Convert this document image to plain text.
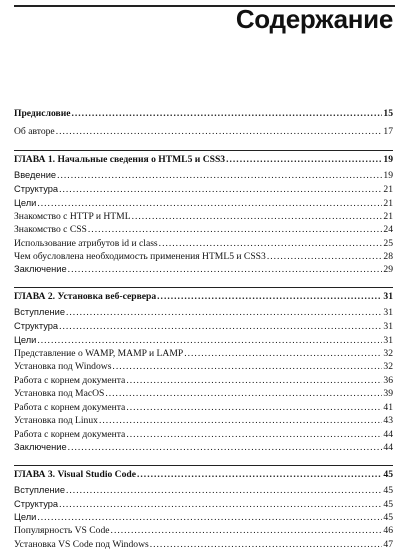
Содержание
Предисловие .....	15
Об авторе .....	17
ГЛАВА 1. Начальные сведения о HTML5 и CSS3 .....	19
Введение .....	19
Структура .....	21
Цели .....	21
Знакомство с HTTP и HTML .....	21
Знакомство с CSS .....	24
Использование атрибутов id и class .....	25
Чем обусловлена необходимость применения HTML5 и CSS3 .....	28
Заключение .....	29
ГЛАВА 2. Установка веб-сервера .....	31
Вступление .....	31
Структура .....	31
Цели .....	31
Представление о WAMP, MAMP и LAMP .....	32
Установка под Windows .....	32
Работа с корнем документа .....	36
Установка под MacOS .....	39
Работа с корнем документа .....	41
Установка под Linux .....	43
Работа с корнем документа .....	44
Заключение .....	44
ГЛАВА 3. Visual Studio Code .....	45
Вступление .....	45
Структура .....	45
Цели .....	45
Популярность VS Code .....	46
Установка VS Code под Windows .....	47
